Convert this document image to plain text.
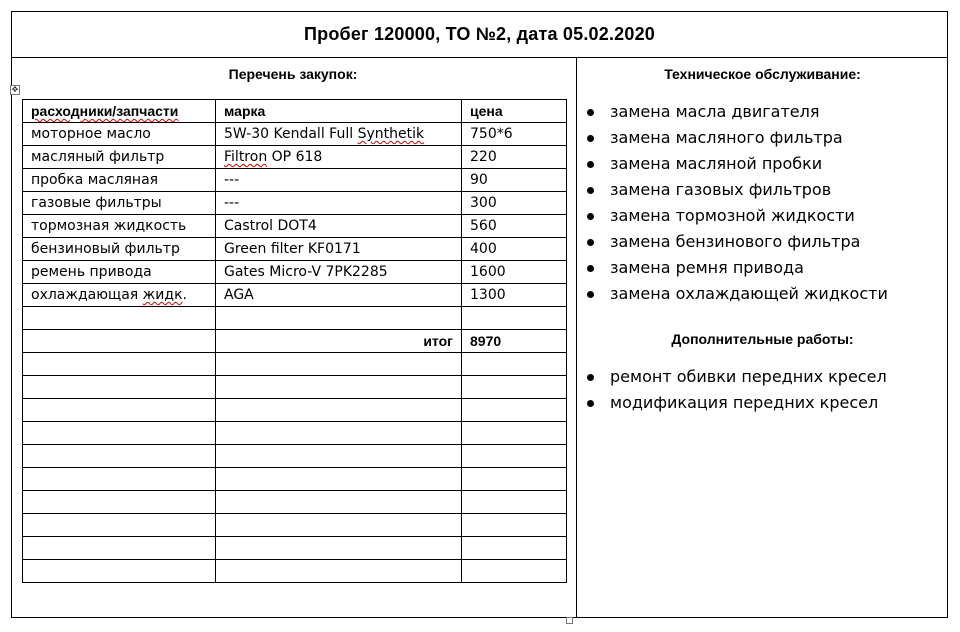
Пробег 120000, ТО №2, дата 05.02.2020
Перечень закупок:
✥
расходники/запчасти	марка	цена
моторное масло	5W-30 Kendall Full Synthetik	750*6
масляный фильтр	Filtron OP 618	220
пробка масляная	---	90
газовые фильтры	---	300
тормозная жидкость	Castrol DOT4	560
бензиновый фильтр	Green filter KF0171	400
ремень привода	Gates Micro-V 7PK2285	1600
охлаждающая жидк.	AGA	1300

	итог	8970

Техническое обслуживание:
замена масла двигателя
замена масляного фильтра
замена масляной пробки
замена газовых фильтров
замена тормозной жидкости
замена бензинового фильтра
замена ремня привода
замена охлаждающей жидкости
Дополнительные работы:
ремонт обивки передних кресел
модификация передних кресел
